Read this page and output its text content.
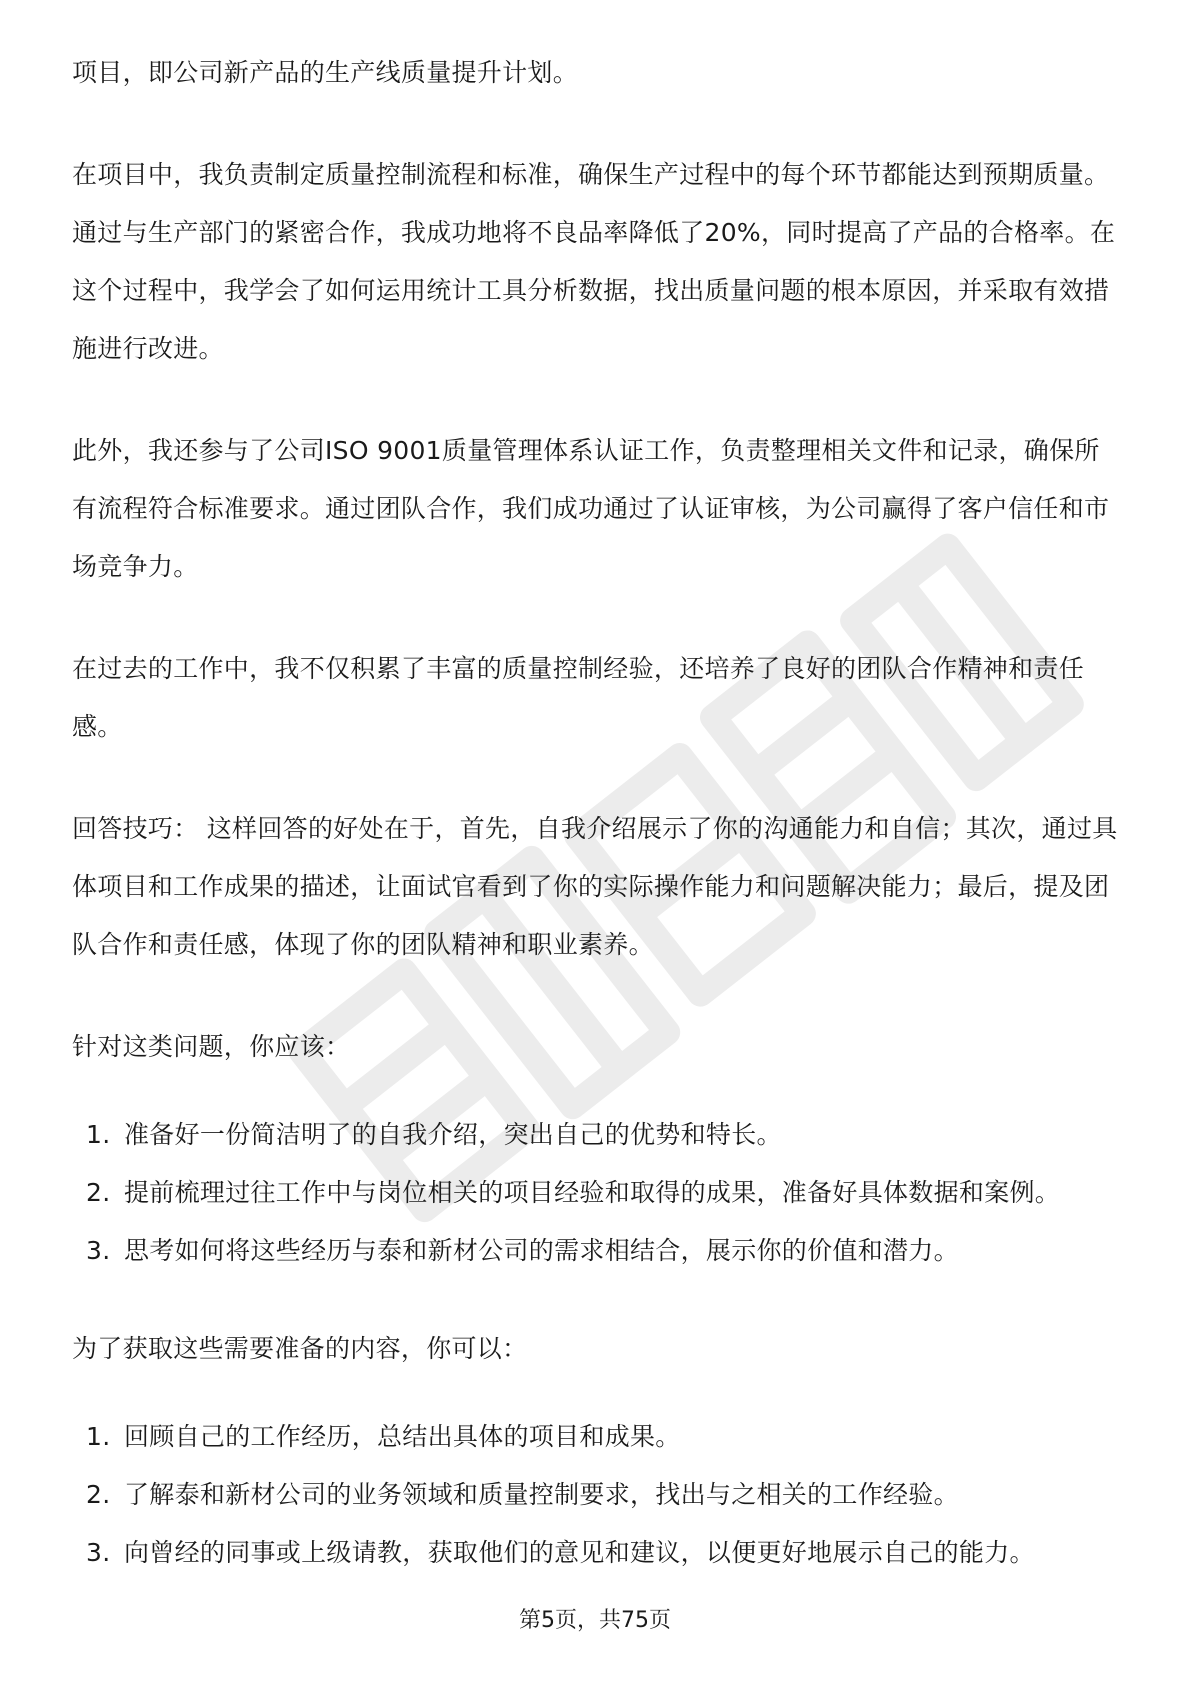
项目，即公司新产品的生产线质量提升计划。

在项目中，我负责制定质量控制流程和标准，确保生产过程中的每个环节都能达到预期质量。通过与生产部门的紧密合作，我成功地将不良品率降低了20%，同时提高了产品的合格率。在这个过程中，我学会了如何运用统计工具分析数据，找出质量问题的根本原因，并采取有效措施进行改进。

此外，我还参与了公司ISO 9001质量管理体系认证工作，负责整理相关文件和记录，确保所有流程符合标准要求。通过团队合作，我们成功通过了认证审核，为公司赢得了客户信任和市场竞争力。

在过去的工作中，我不仅积累了丰富的质量控制经验，还培养了良好的团队合作精神和责任感。

回答技巧： 这样回答的好处在于，首先，自我介绍展示了你的沟通能力和自信；其次，通过具体项目和工作成果的描述，让面试官看到了你的实际操作能力和问题解决能力；最后，提及团队合作和责任感，体现了你的团队精神和职业素养。

针对这类问题，你应该：

1. 准备好一份简洁明了的自我介绍，突出自己的优势和特长。
2. 提前梳理过往工作中与岗位相关的项目经验和取得的成果，准备好具体数据和案例。
3. 思考如何将这些经历与泰和新材公司的需求相结合，展示你的价值和潜力。

为了获取这些需要准备的内容，你可以：

1. 回顾自己的工作经历，总结出具体的项目和成果。
2. 了解泰和新材公司的业务领域和质量控制要求，找出与之相关的工作经验。
3. 向曾经的同事或上级请教，获取他们的意见和建议，以便更好地展示自己的能力。
第5页，共75页
